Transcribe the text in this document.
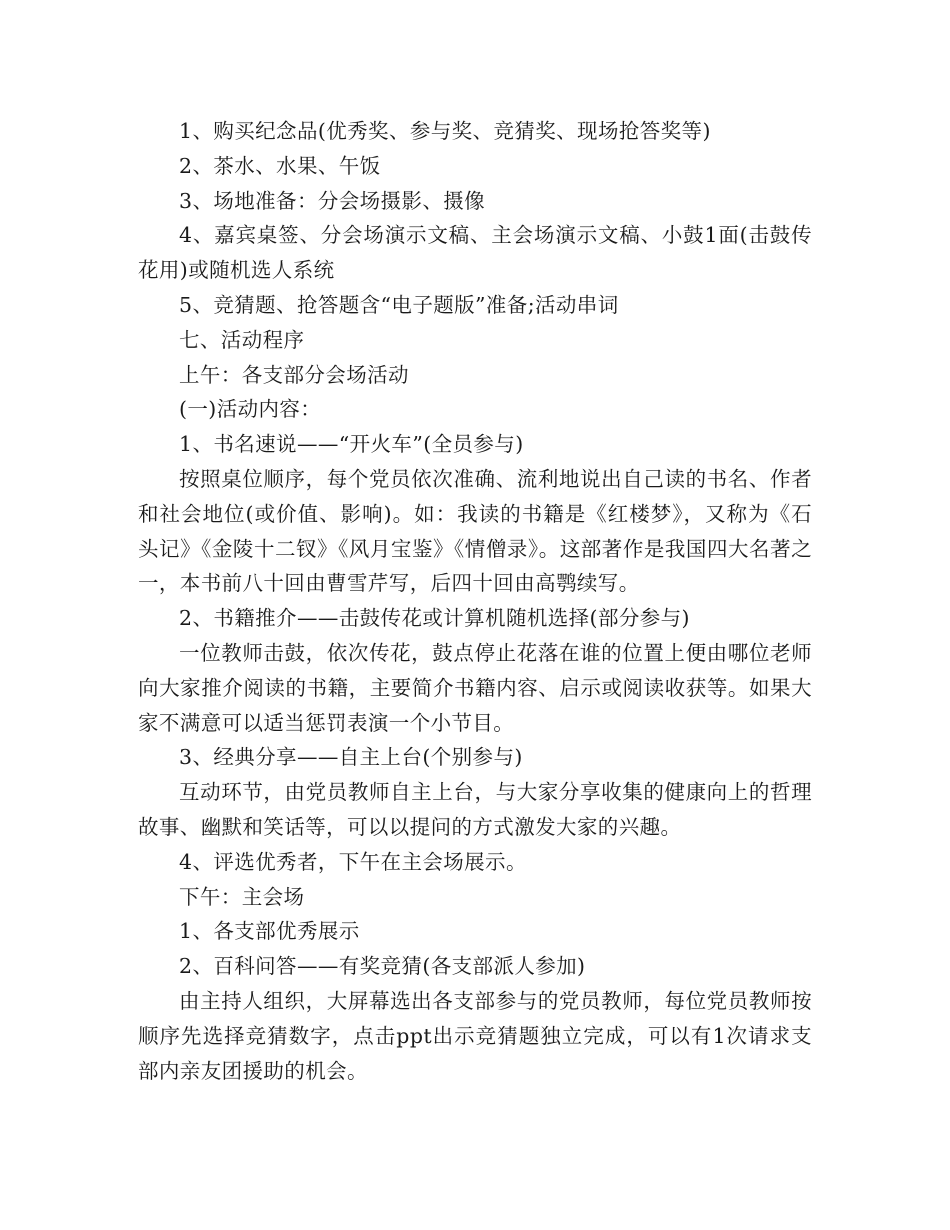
1、购买纪念品(优秀奖、参与奖、竞猜奖、现场抢答奖等)

2、茶水、水果、午饭

3、场地准备：分会场摄影、摄像

4、嘉宾桌签、分会场演示文稿、主会场演示文稿、小鼓1面(击鼓传花用)或随机选人系统

5、竞猜题、抢答题含“电子题版”准备;活动串词

七、活动程序

上午：各支部分会场活动

(一)活动内容：

1、书名速说——“开火车”(全员参与)

按照桌位顺序，每个党员依次准确、流利地说出自己读的书名、作者和社会地位(或价值、影响)。如：我读的书籍是《红楼梦》，又称为《石头记》《金陵十二钗》《风月宝鉴》《情僧录》。这部著作是我国四大名著之一，本书前八十回由曹雪芹写，后四十回由高鹗续写。

2、书籍推介——击鼓传花或计算机随机选择(部分参与)

一位教师击鼓，依次传花，鼓点停止花落在谁的位置上便由哪位老师向大家推介阅读的书籍，主要简介书籍内容、启示或阅读收获等。如果大家不满意可以适当惩罚表演一个小节目。

3、经典分享——自主上台(个别参与)

互动环节，由党员教师自主上台，与大家分享收集的健康向上的哲理故事、幽默和笑话等，可以以提问的方式激发大家的兴趣。

4、评选优秀者，下午在主会场展示。

下午：主会场

1、各支部优秀展示

2、百科问答——有奖竞猜(各支部派人参加)

由主持人组织，大屏幕选出各支部参与的党员教师，每位党员教师按顺序先选择竞猜数字，点击ppt出示竞猜题独立完成，可以有1次请求支部内亲友团援助的机会。
